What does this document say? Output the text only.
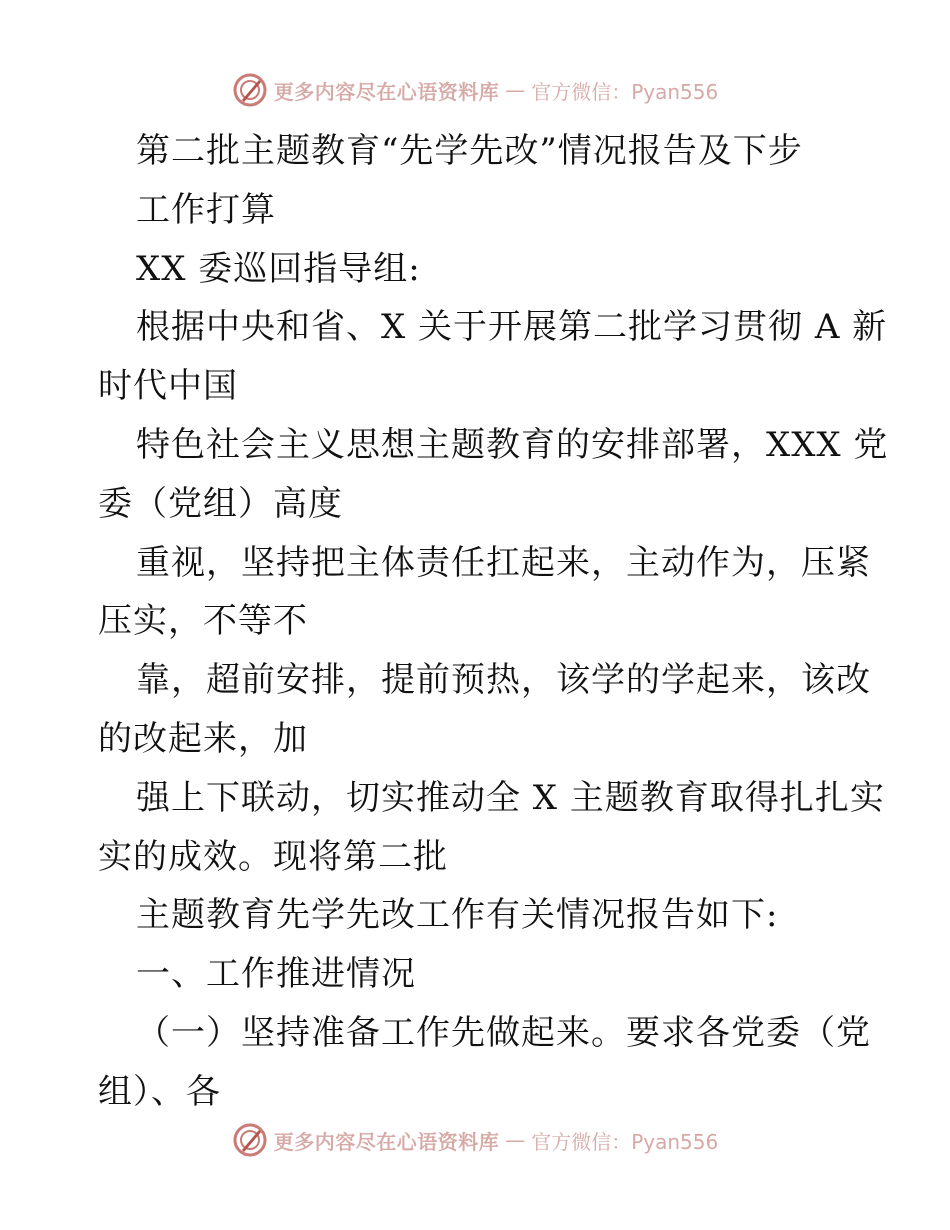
更多内容尽在心语资料库 — 官方微信：Pyan556
第二批主题教育“先学先改”情况报告及下步
工作打算
XX 委巡回指导组:
根据中央和省、X 关于开展第二批学习贯彻 A 新
时代中国
特色社会主义思想主题教育的安排部署，XXX 党
委（党组）高度
重视，坚持把主体责任扛起来，主动作为，压紧
压实，不等不
靠，超前安排，提前预热，该学的学起来，该改
的改起来，加
强上下联动，切实推动全 X 主题教育取得扎扎实
实的成效。现将第二批
主题教育先学先改工作有关情况报告如下:
一、工作推进情况
（一）坚持准备工作先做起来。要求各党委（党
组）、各
更多内容尽在心语资料库 — 官方微信：Pyan556
